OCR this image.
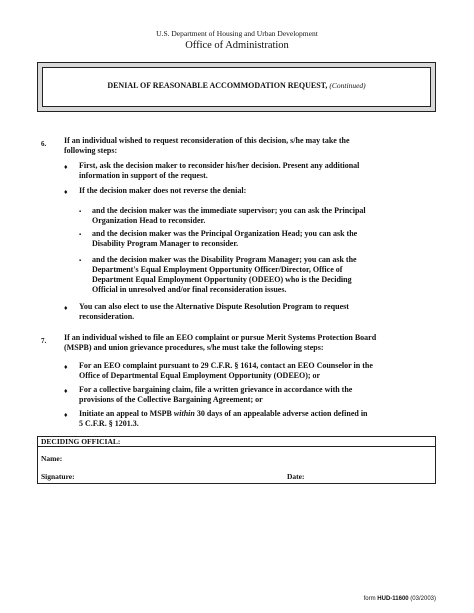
U.S. Department of Housing and Urban Development
Office of Administration
DENIAL OF REASONABLE ACCOMMODATION REQUEST, (Continued)
6. If an individual wished to request reconsideration of this decision, s/he may take the
following steps:
♦ First, ask the decision maker to reconsider his/her decision. Present any additional
information in support of the request.
♦ If the decision maker does not reverse the denial:
▪ and the decision maker was the immediate supervisor; you can ask the Principal
Organization Head to reconsider.
▪ and the decision maker was the Principal Organization Head; you can ask the
Disability Program Manager to reconsider.
▪ and the decision maker was the Disability Program Manager; you can ask the
Department's Equal Employment Opportunity Officer/Director, Office of
Department Equal Employment Opportunity (ODEEO) who is the Deciding
Official in unresolved and/or final reconsideration issues.
♦ You can also elect to use the Alternative Dispute Resolution Program to request
reconsideration.
7. If an individual wished to file an EEO complaint or pursue Merit Systems Protection Board
(MSPB) and union grievance procedures, s/he must take the following steps:
♦ For an EEO complaint pursuant to 29 C.F.R. § 1614, contact an EEO Counselor in the
Office of Departmental Equal Employment Opportunity (ODEEO); or
♦ For a collective bargaining claim, file a written grievance in accordance with the
provisions of the Collective Bargaining Agreement; or
♦ Initiate an appeal to MSPB within 30 days of an appealable adverse action defined in
5 C.F.R. § 1201.3.
DECIDING OFFICIAL:
Name:
Signature:	Date:
form HUD-11600 (03/2003)
